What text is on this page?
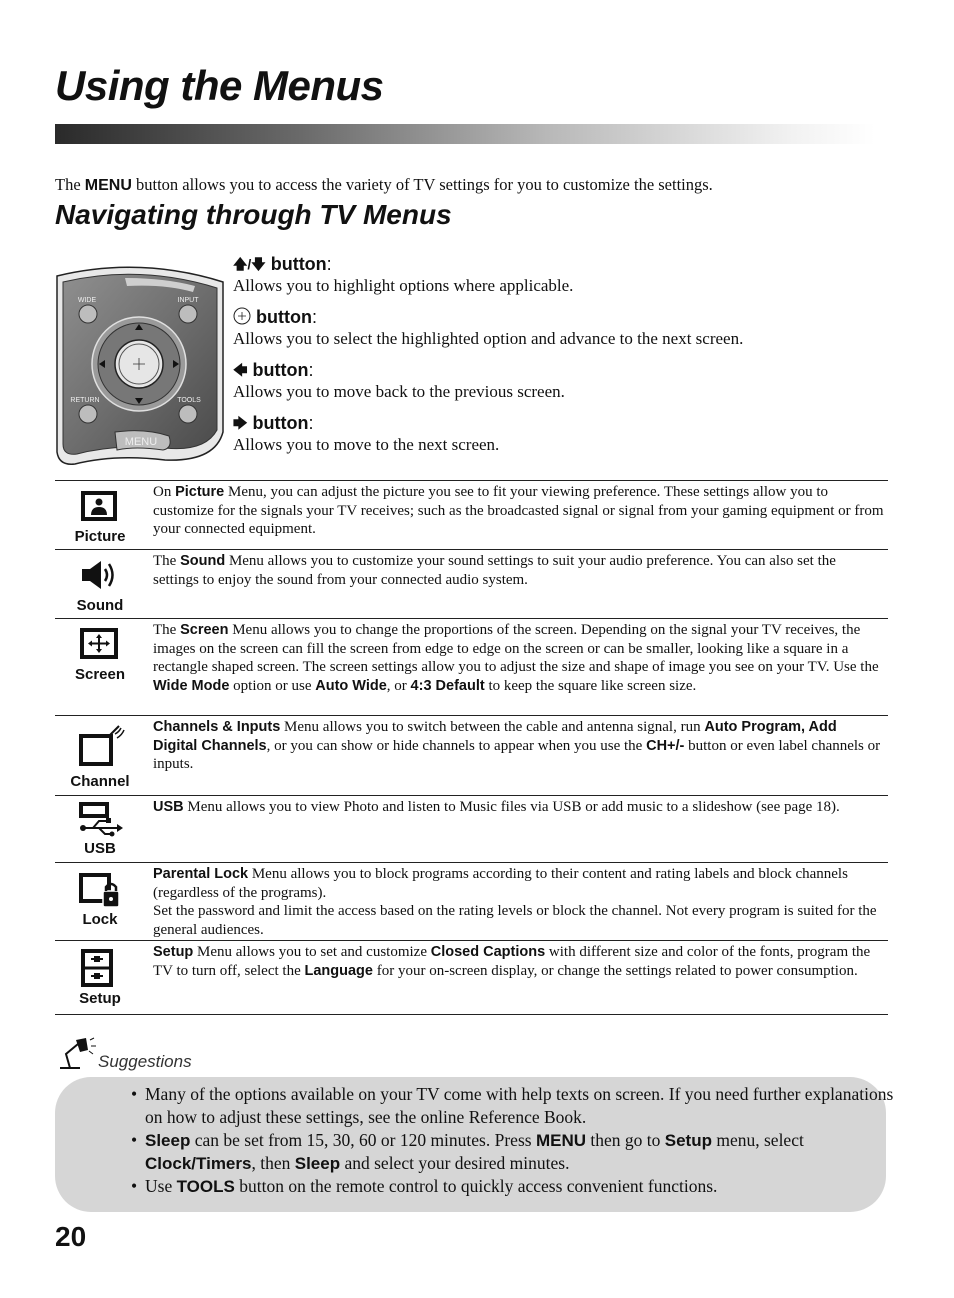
Using the Menus
The MENU button allows you to access the variety of TV settings for you to customize the settings.
Navigating through TV Menus
WIDE	INPUT
RETURN	TOOLS
MENU
🡅/🡇 button:
Allows you to highlight options where applicable.
button:
Allows you to select the highlighted option and advance to the next screen.
🡄 button:
Allows you to move back to the previous screen.
🡆 button:
Allows you to move to the next screen.
Picture
On Picture Menu, you can adjust the picture you see to fit your viewing preference. These settings allow you to customize for the signals your TV receives; such as the broadcasted signal or signal from your gaming equipment or from your connected equipment.
Sound
The Sound Menu allows you to customize your sound settings to suit your audio preference. You can also set the settings to enjoy the sound from your connected audio system.
Screen
The Screen Menu allows you to change the proportions of the screen. Depending on the signal your TV receives, the images on the screen can fill the screen from edge to edge on the screen or can be smaller, looking like a square in a rectangle shaped screen. The screen settings allow you to adjust the size and shape of image you see on your TV. Use the Wide Mode option or use Auto Wide, or 4:3 Default to keep the square like screen size.
Channel
Channels & Inputs Menu allows you to switch between the cable and antenna signal, run Auto Program, Add Digital Channels, or you can show or hide channels to appear when you use the CH+/- button or even label channels or inputs.
USB
USB Menu allows you to view Photo and listen to Music files via USB or add music to a slideshow (see page 18).
Lock
Parental Lock Menu allows you to block programs according to their content and rating labels and block channels (regardless of the programs).
Set the password and limit the access based on the rating levels or block the channel. Not every program is suited for the general audiences.
Setup
Setup Menu allows you to set and customize Closed Captions with different size and color of the fonts, program the TV to turn off, select the Language for your on-screen display, or change the settings related to power consumption.
Suggestions
• Many of the options available on your TV come with help texts on screen. If you need further explanations on how to adjust these settings, see the online Reference Book.
• Sleep can be set from 15, 30, 60 or 120 minutes. Press MENU then go to Setup menu, select Clock/Timers, then Sleep and select your desired minutes.
• Use TOOLS button on the remote control to quickly access convenient functions.
20
